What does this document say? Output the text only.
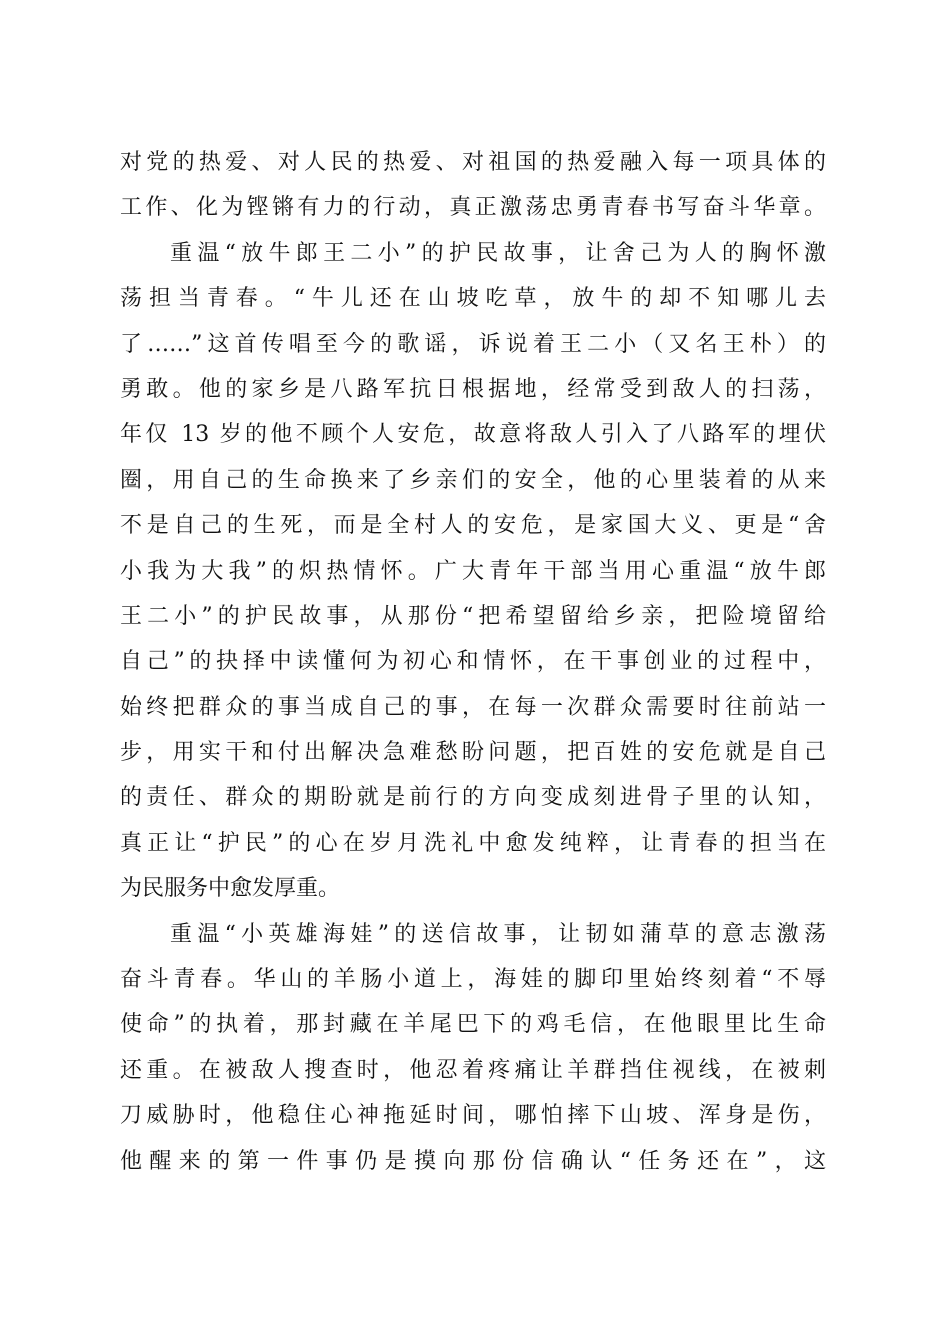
对党的热爱、对人民的热爱、对祖国的热爱融入每一项具体的
工作、化为铿锵有力的行动，真正激荡忠勇青春书写奋斗华章。
重温“放牛郎王二小”的护民故事，让舍己为人的胸怀激
荡担当青春。“牛儿还在山坡吃草，放牛的却不知哪儿去
了……”这首传唱至今的歌谣，诉说着王二小（又名王朴）的
勇敢。他的家乡是八路军抗日根据地，经常受到敌人的扫荡，
年仅 13 岁的他不顾个人安危，故意将敌人引入了八路军的埋伏
圈，用自己的生命换来了乡亲们的安全，他的心里装着的从来
不是自己的生死，而是全村人的安危，是家国大义、更是“舍
小我为大我”的炽热情怀。广大青年干部当用心重温“放牛郎
王二小”的护民故事，从那份“把希望留给乡亲，把险境留给
自己”的抉择中读懂何为初心和情怀，在干事创业的过程中，
始终把群众的事当成自己的事，在每一次群众需要时往前站一
步，用实干和付出解决急难愁盼问题，把百姓的安危就是自己
的责任、群众的期盼就是前行的方向变成刻进骨子里的认知，
真正让“护民”的心在岁月洗礼中愈发纯粹，让青春的担当在
为民服务中愈发厚重。
重温“小英雄海娃”的送信故事，让韧如蒲草的意志激荡
奋斗青春。华山的羊肠小道上，海娃的脚印里始终刻着“不辱
使命”的执着，那封藏在羊尾巴下的鸡毛信，在他眼里比生命
还重。在被敌人搜查时，他忍着疼痛让羊群挡住视线，在被刺
刀威胁时，他稳住心神拖延时间，哪怕摔下山坡、浑身是伤，
他醒来的第一件事仍是摸向那份信确认“任务还在”，这
